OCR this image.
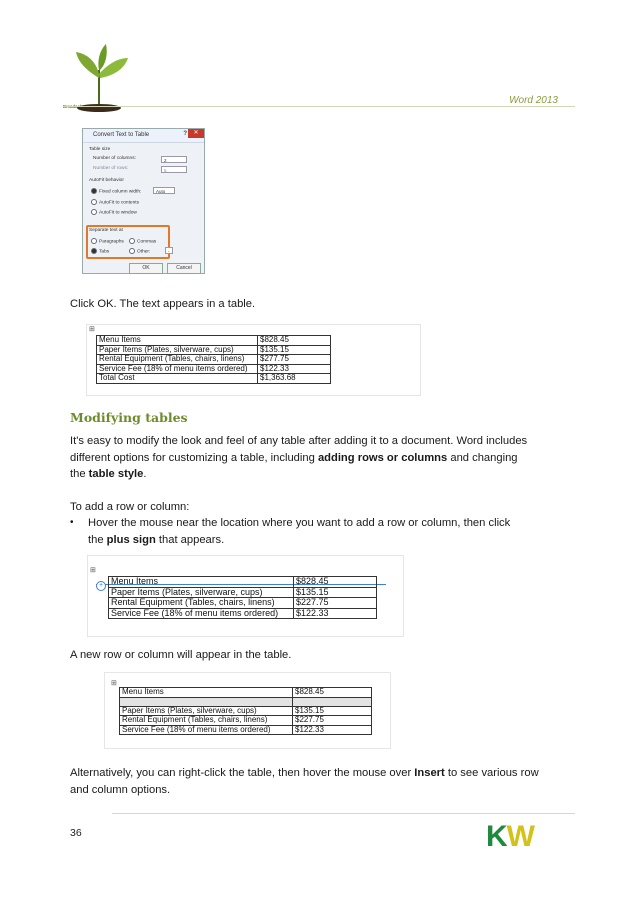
Word 2013
Convert Text to Table	?	✕
Table size
Number of columns:	2
Number of rows:	5
AutoFit behavior
Fixed column width:	Auto
AutoFit to contents
AutoFit to window
Separate text at
Paragraphs	Commas
Tabs	Other:	-
OK	Cancel
Click OK. The text appears in a table.
⊞
Menu Items	$828.45
Paper Items (Plates, silverware, cups)	$135.15
Rental Equipment (Tables, chairs, linens)	$277.75
Service Fee (18% of menu items ordered)	$122.33
Total Cost	$1,363.68
Modifying tables
It's easy to modify the look and feel of any table after adding it to a document. Word includes
different options for customizing a table, including adding rows or columns and changing
the table style.
To add a row or column:
• Hover the mouse near the location where you want to add a row or column, then click
the plus sign that appears.
⊞
+ Menu Items	$828.45
Paper Items (Plates, silverware, cups)	$135.15
Rental Equipment (Tables, chairs, linens)	$227.75
Service Fee (18% of menu items ordered)	$122.33
A new row or column will appear in the table.
⊞
Menu Items	$828.45

Paper Items (Plates, silverware, cups)	$135.15
Rental Equipment (Tables, chairs, linens)	$227.75
Service Fee (18% of menu items ordered)	$122.33
Alternatively, you can right-click the table, then hover the mouse over Insert to see various row
and column options.
36	KW
